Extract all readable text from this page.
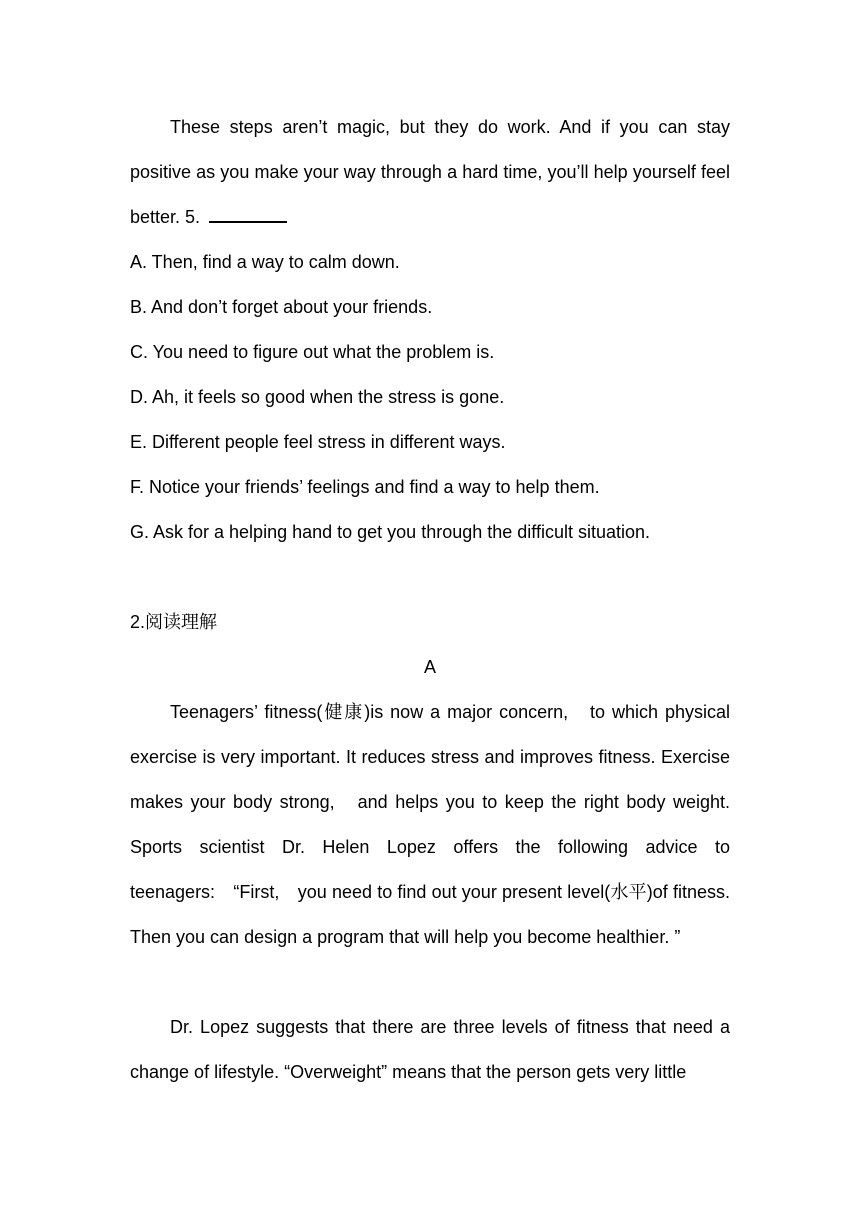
These steps aren’t magic, but they do work. And if you can stay positive as you make your way through a hard time, you’ll help yourself feel better. 5.

A. Then, find a way to calm down.

B. And don’t forget about your friends.

C. You need to figure out what the problem is.

D. Ah, it feels so good when the stress is gone.

E. Different people feel stress in different ways.

F. Notice your friends’ feelings and find a way to help them.

G. Ask for a helping hand to get you through the difficult situation.

2.阅读理解
A

Teenagers’ fitness(健康)is now a major concern,　to which physical exercise is very important. It reduces stress and improves fitness. Exercise makes your body strong,　and helps you to keep the right body weight. Sports scientist Dr. Helen Lopez offers the following advice to teenagers:　“First,　you need to find out your present level(水平)of fitness. Then you can design a program that will help you become healthier. ”

Dr. Lopez suggests that there are three levels of fitness that need a change of lifestyle. “Overweight” means that the person gets very little
